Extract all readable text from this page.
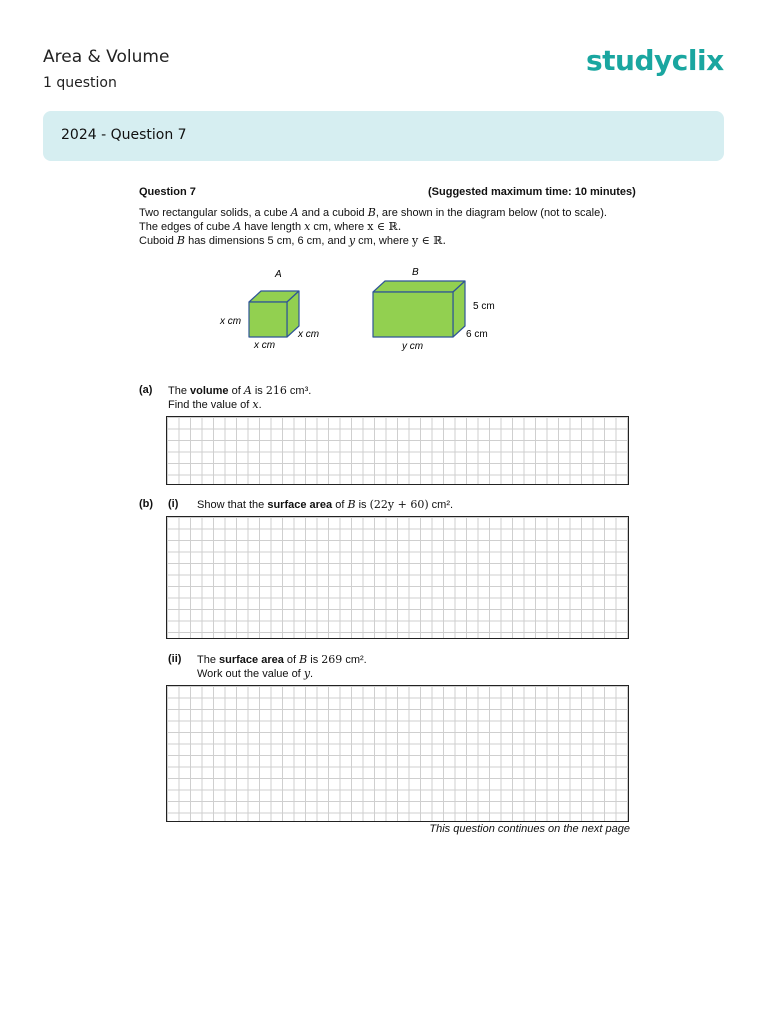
Area & Volume
1 question
studyclix
2024 - Question 7
Question 7	(Suggested maximum time: 10 minutes)
Two rectangular solids, a cube A and a cuboid B, are shown in the diagram below (not to scale).
The edges of cube A have length x cm, where x ∈ ℝ.
Cuboid B has dimensions 5 cm, 6 cm, and y cm, where y ∈ ℝ.
A
x cm
x cm
x cm
B
5 cm
6 cm
y cm
(a) The volume of A is 216 cm³.
Find the value of x.
(b) (i) Show that the surface area of B is (22y + 60) cm².
(ii) The surface area of B is 269 cm².
Work out the value of y.
This question continues on the next page
